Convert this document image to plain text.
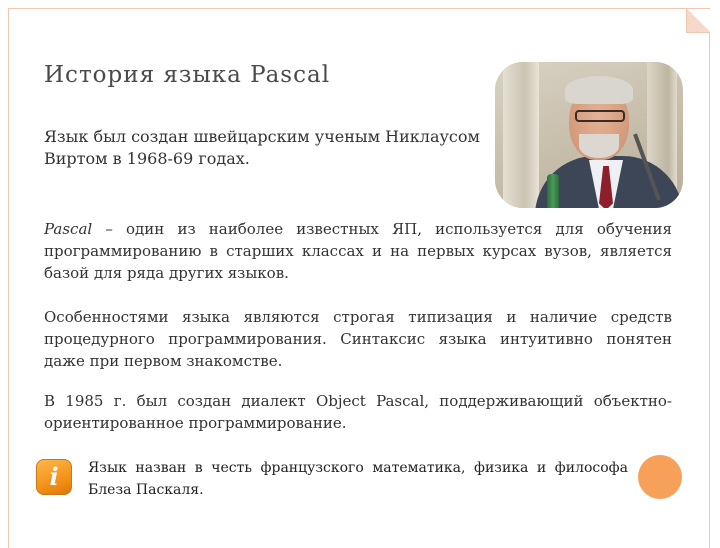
История языка Pascal
Язык был создан швейцарским ученым Никлаусом Виртом в 1968-69 годах.
Pascal – один из наиболее известных ЯП, используется для обучения программированию в старших классах и на первых курсах вузов, является базой для ряда других языков.
Особенностями языка являются строгая типизация и наличие средств процедурного программирования. Синтаксис языка интуитивно понятен даже при первом знакомстве.
В 1985 г. был создан диалект Object Pascal, поддерживающий объектно-ориентированное программирование.
i Язык назван в честь французского математика, физика и философа Блеза Паскаля.
